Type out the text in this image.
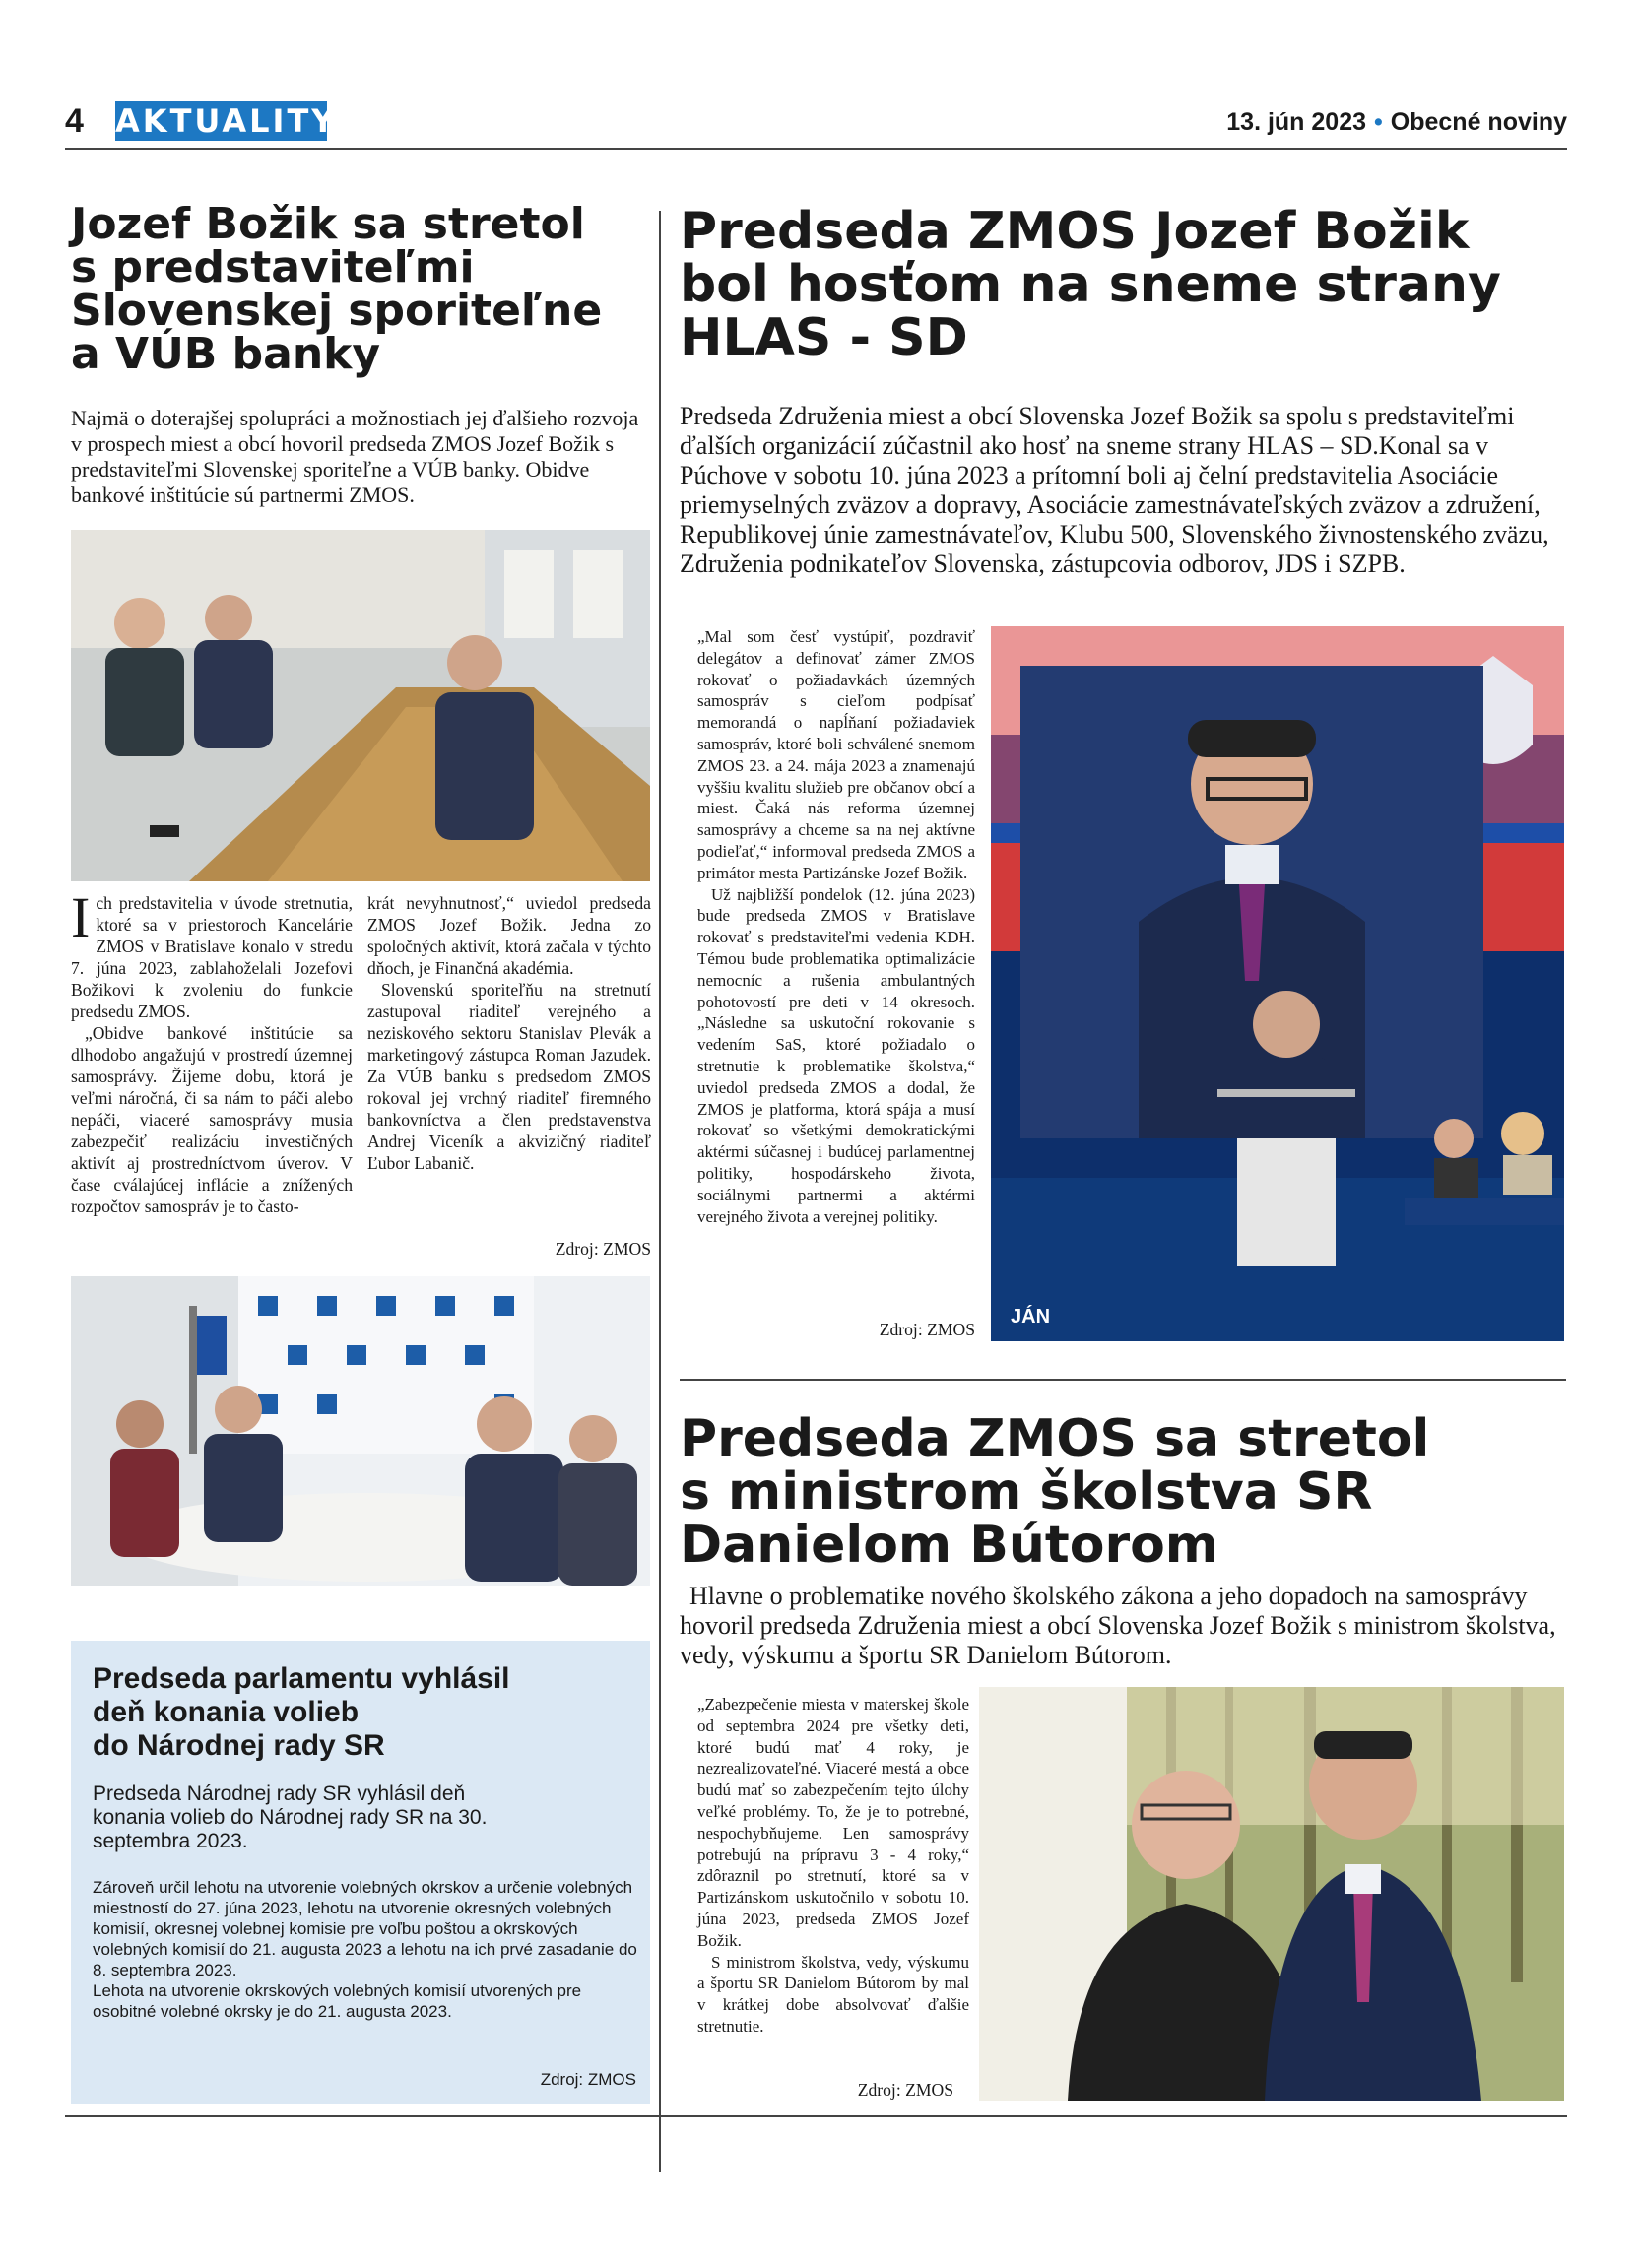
4 AKTUALITY	13. jún 2023 • Obecné noviny
Jozef Božik sa stretol
s predstaviteľmi
Slovenskej sporiteľne
a VÚB banky
Najmä o doterajšej spolupráci a možnostiach jej ďalšieho rozvoja v prospech miest a obcí hovoril predseda ZMOS Jozef Božik s predstaviteľmi Slovenskej sporiteľne a VÚB banky. Obidve bankové inštitúcie sú partnermi ZMOS.

Ich predstavitelia v úvode stretnutia, ktoré sa v priestoroch Kancelárie ZMOS v Bratislave konalo v stredu 7. júna 2023, zablahoželali Jozefovi Božikovi k zvoleniu do funkcie predsedu ZMOS.

„Obidve bankové inštitúcie sa dlhodobo angažujú v prostredí územnej samosprávy. Žijeme dobu, ktorá je veľmi náročná, či sa nám to páči alebo nepáči, viaceré samosprávy musia zabezpečiť realizáciu investičných aktivít aj prostredníctvom úverov. V čase cválajúcej inflácie a znížených rozpočtov samospráv je to často-

krát nevyhnutnosť,“ uviedol predseda ZMOS Jozef Božik. Jedna zo spoločných aktivít, ktorá začala v týchto dňoch, je Finančná akadémia.

Slovenskú sporiteľňu na stretnutí zastupoval riaditeľ verejného a neziskového sektoru Stanislav Plevák a marketingový zástupca Roman Jazudek. Za VÚB banku s predsedom ZMOS rokoval jej vrchný riaditeľ firemného bankovníctva a člen predstavenstva Andrej Viceník a akvizičný riaditeľ Ľubor Labanič.

Zdroj: ZMOS
Predseda parlamentu vyhlásil
deň konania volieb
do Národnej rady SR
Predseda Národnej rady SR vyhlásil deň konania volieb do Národnej rady SR na 30. septembra 2023.
Zároveň určil lehotu na utvorenie volebných okrskov a určenie volebných miestností do 27. júna 2023, lehotu na utvorenie okresných volebných komisií, okresnej volebnej komisie pre voľbu poštou a okrskových volebných komisií do 21. augusta 2023 a lehotu na ich prvé zasadanie do 8. septembra 2023.
Lehota na utvorenie okrskových volebných komisií utvorených pre osobitné volebné okrsky je do 21. augusta 2023.
Zdroj: ZMOS
Predseda ZMOS Jozef Božik
bol hosťom na sneme strany
HLAS - SD
Predseda Združenia miest a obcí Slovenska Jozef Božik sa spolu s predstaviteľmi ďalších organizácií zúčastnil ako hosť na sneme strany HLAS – SD.Konal sa v Púchove v sobotu 10. júna 2023 a prítomní boli aj čelní predstavitelia Asociácie priemyselných zväzov a dopravy, Asociácie zamestnávateľských zväzov a združení, Republikovej únie zamestnávateľov, Klubu 500, Slovenského živnostenského zväzu, Združenia podnikateľov Slovenska, zástupcovia odborov, JDS i SZPB.

„Mal som česť vystúpiť, pozdraviť delegátov a definovať zámer ZMOS rokovať o požiadavkách územných samospráv s cieľom podpísať memorandá o napĺňaní požiadaviek samospráv, ktoré boli schválené snemom ZMOS 23. a 24. mája 2023 a znamenajú vyššiu kvalitu služieb pre občanov obcí a miest. Čaká nás reforma územnej samosprávy a chceme sa na nej aktívne podieľať,“ informoval predseda ZMOS a primátor mesta Partizánske Jozef Božik.

Už najbližší pondelok (12. júna 2023) bude predseda ZMOS v Bratislave rokovať s predstaviteľmi vedenia KDH. Témou bude problematika optimalizácie nemocníc a rušenia ambulantných pohotovostí pre deti v 14 okresoch. „Následne sa uskutoční rokovanie s vedením SaS, ktoré požiadalo o stretnutie k problematike školstva,“ uviedol predseda ZMOS a dodal, že ZMOS je platforma, ktorá spája a musí rokovať so všetkými demokratickými aktérmi súčasnej i budúcej parlamentnej politiky, hospodárskeho života, sociálnymi partnermi a aktérmi verejného života a verejnej politiky.

Zdroj: ZMOS
JÁN
Predseda ZMOS sa stretol
s ministrom školstva SR
Danielom Bútorom
Hlavne o problematike nového školského zákona a jeho dopadoch na samosprávy hovoril predseda Združenia miest a obcí Slovenska Jozef Božik s ministrom školstva, vedy, výskumu a športu SR Danielom Bútorom.

„Zabezpečenie miesta v materskej škole od septembra 2024 pre všetky deti, ktoré budú mať 4 roky, je nezrealizovateľné. Viaceré mestá a obce budú mať so zabezpečením tejto úlohy veľké problémy. To, že je to potrebné, nespochybňujeme. Len samosprávy potrebujú na prípravu 3 - 4 roky,“ zdôraznil po stretnutí, ktoré sa v Partizánskom uskutočnilo v sobotu 10. júna 2023, predseda ZMOS Jozef Božik.

S ministrom školstva, vedy, výskumu a športu SR Danielom Bútorom by mal v krátkej dobe absolvovať ďalšie stretnutie.

Zdroj: ZMOS
